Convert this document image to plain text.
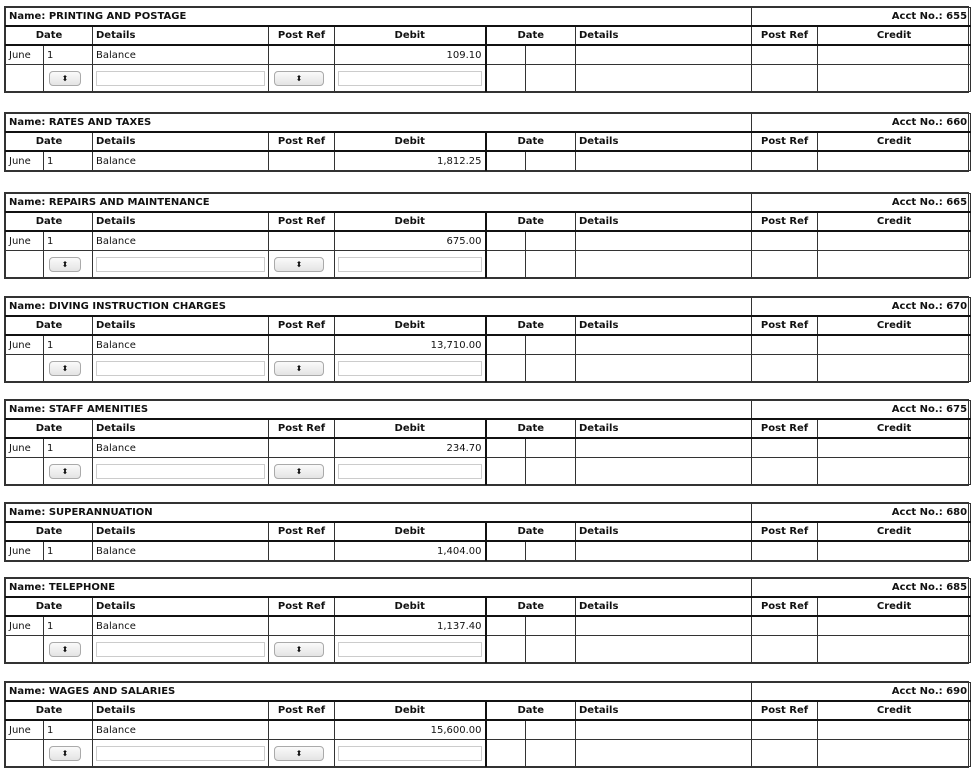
Name: PRINTING AND POSTAGE								Acct No.: 655	
Date		Details	Post Ref	Debit	Date		Details	Post Ref	Credit
June	1	Balance		109.10					
	⬍		⬍	

Name: RATES AND TAXES								Acct No.: 660	
Date		Details	Post Ref	Debit	Date		Details	Post Ref	Credit
June	1	Balance		1,812.25					
Name: REPAIRS AND MAINTENANCE								Acct No.: 665	
Date		Details	Post Ref	Debit	Date		Details	Post Ref	Credit
June	1	Balance		675.00					
	⬍		⬍	

Name: DIVING INSTRUCTION CHARGES								Acct No.: 670	
Date		Details	Post Ref	Debit	Date		Details	Post Ref	Credit
June	1	Balance		13,710.00					
	⬍		⬍	

Name: STAFF AMENITIES								Acct No.: 675	
Date		Details	Post Ref	Debit	Date		Details	Post Ref	Credit
June	1	Balance		234.70					
	⬍		⬍	

Name: SUPERANNUATION								Acct No.: 680	
Date		Details	Post Ref	Debit	Date		Details	Post Ref	Credit
June	1	Balance		1,404.00					
Name: TELEPHONE								Acct No.: 685	
Date		Details	Post Ref	Debit	Date		Details	Post Ref	Credit
June	1	Balance		1,137.40					
	⬍		⬍	

Name: WAGES AND SALARIES								Acct No.: 690	
Date		Details	Post Ref	Debit	Date		Details	Post Ref	Credit
June	1	Balance		15,600.00					
	⬍		⬍	
